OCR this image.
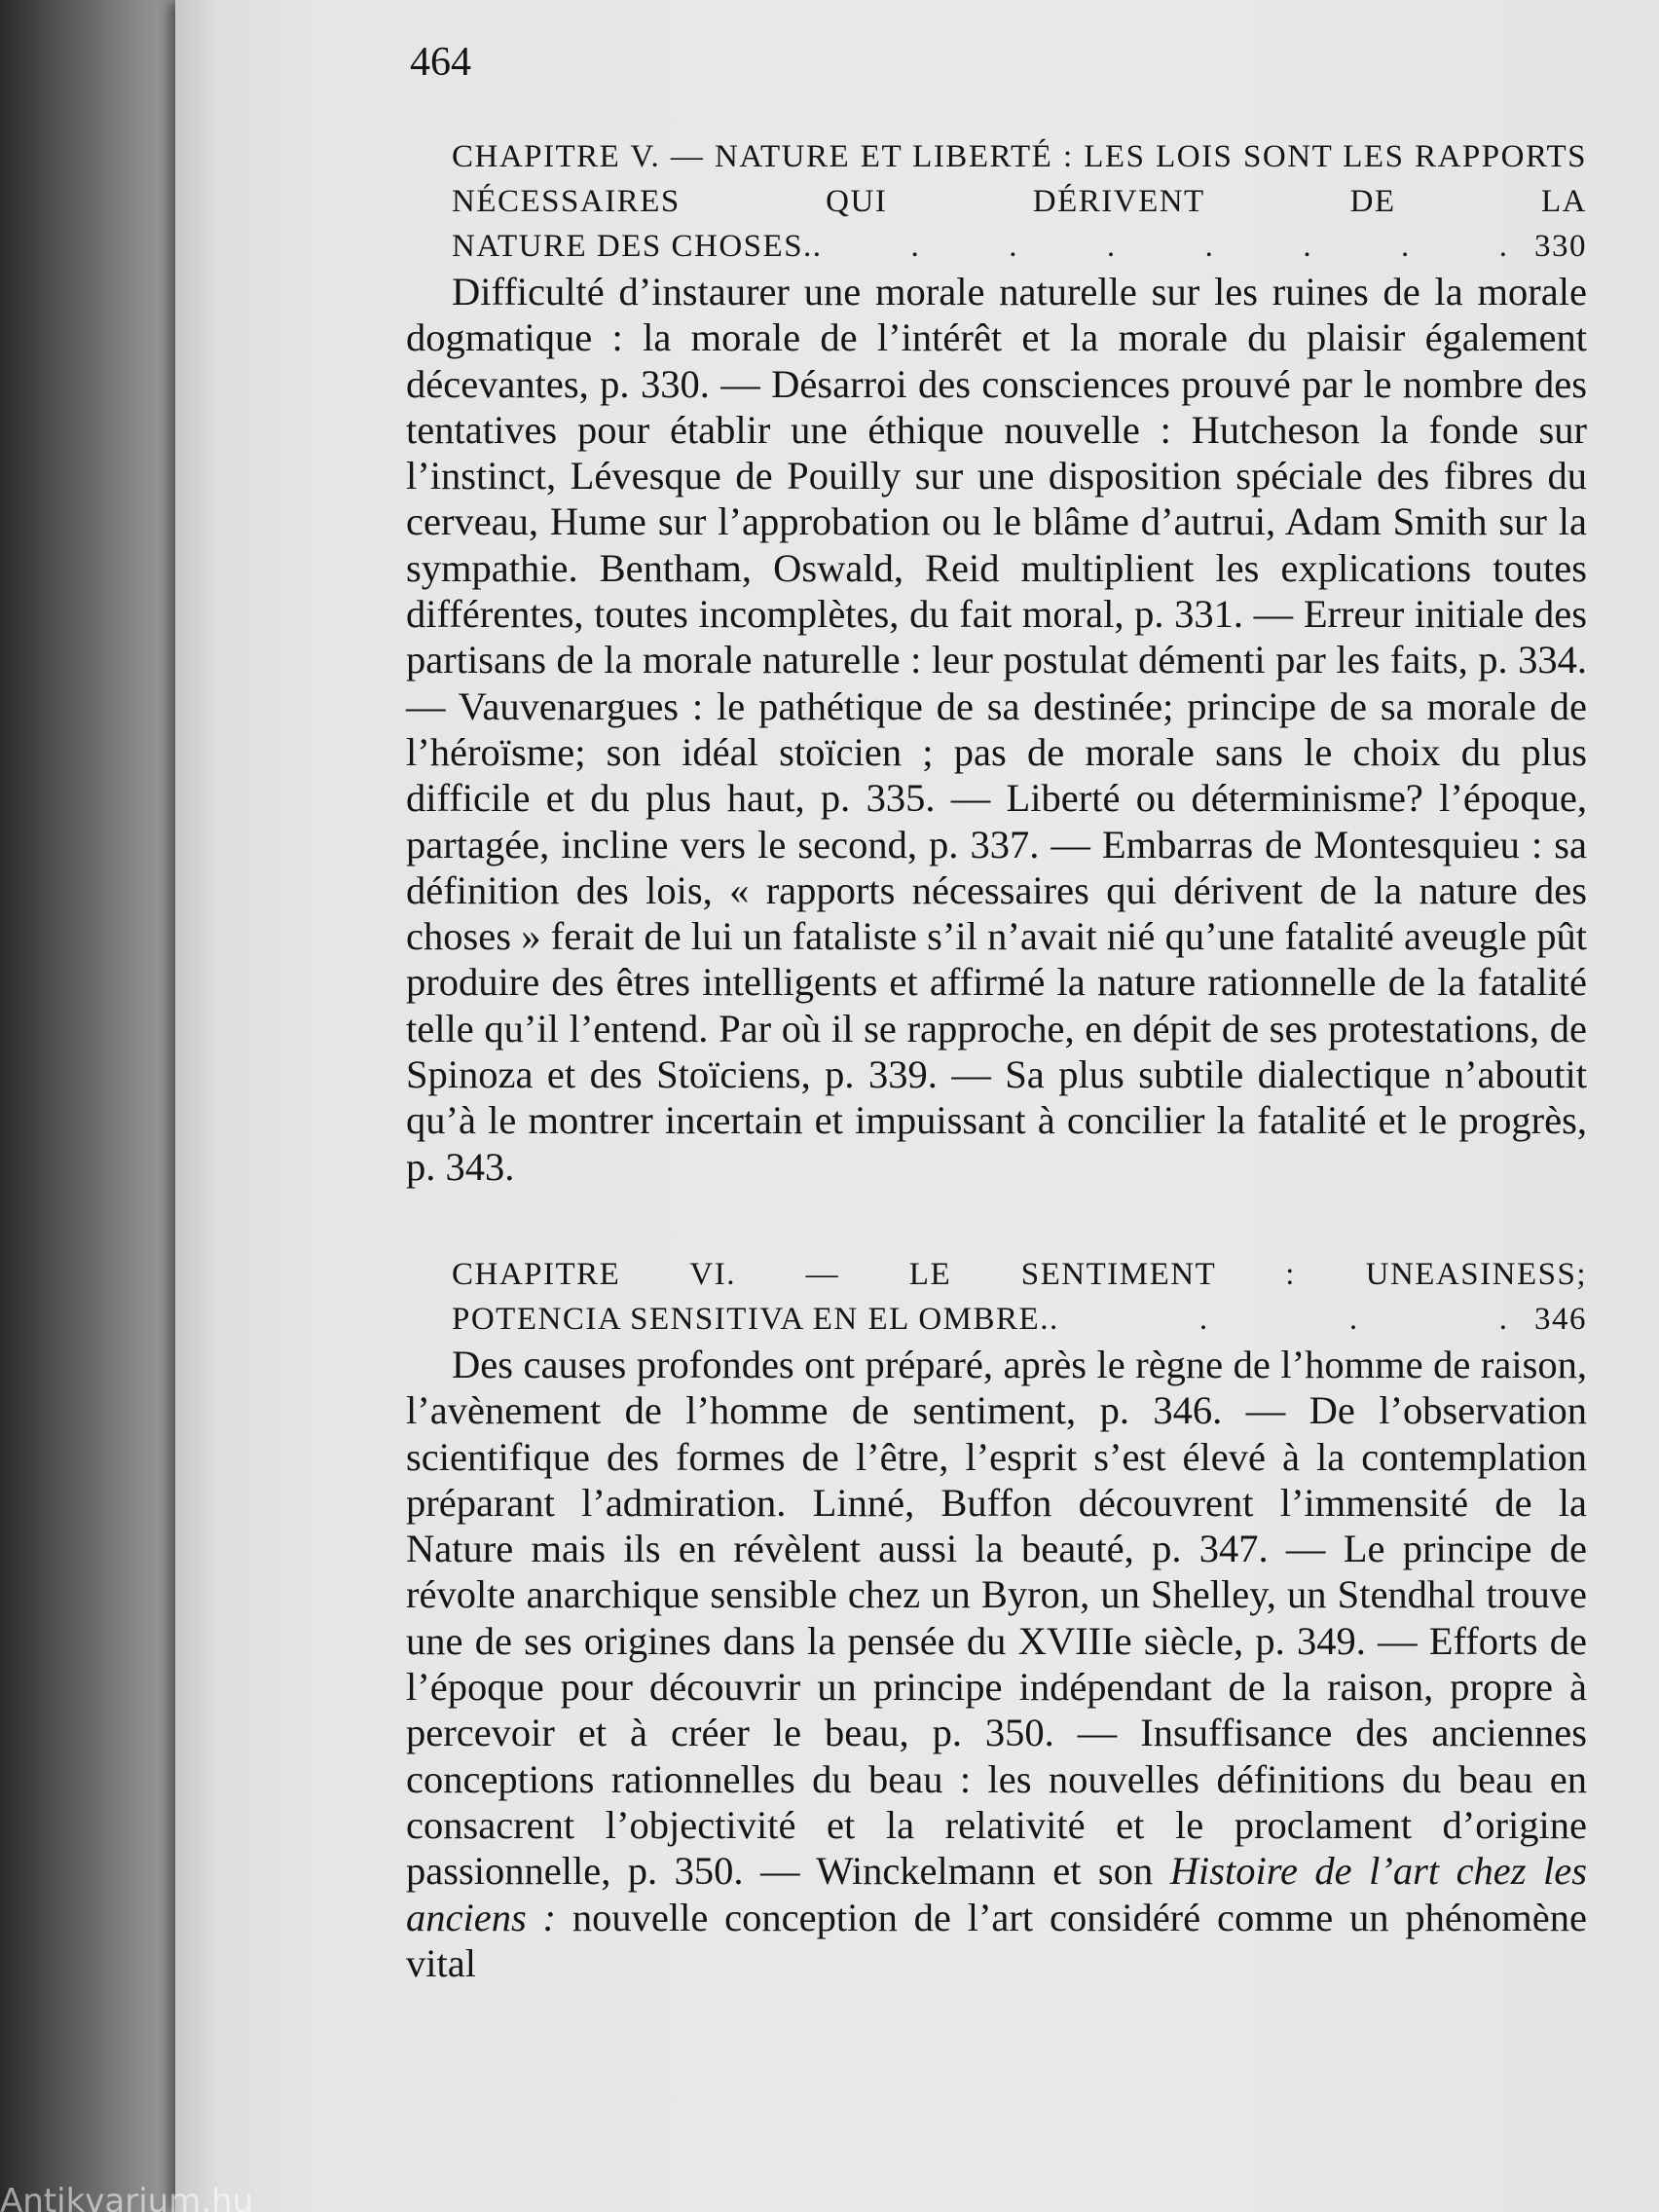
464

CHAPITRE V. — NATURE ET LIBERTÉ : LES LOIS SONT LES RAPPORTS NÉCESSAIRES QUI DÉRIVENT DE LA

NATURE DES CHOSES. . . . . . . . . 330

Difficulté d’instaurer une morale naturelle sur les ruines de la morale dogmatique : la morale de l’intérêt et la morale du plaisir également décevantes, p. 330. — Désarroi des consciences prouvé par le nombre des tentatives pour établir une éthique nouvelle : Hutcheson la fonde sur l’instinct, Lévesque de Pouilly sur une disposition spéciale des fibres du cerveau, Hume sur l’approbation ou le blâme d’autrui, Adam Smith sur la sympathie. Bentham, Oswald, Reid multiplient les explications toutes différentes, toutes incomplètes, du fait moral, p. 331. — Erreur initiale des partisans de la morale naturelle : leur postulat démenti par les faits, p. 334. — Vauvenargues : le pathétique de sa destinée; principe de sa morale de l’héroïsme; son idéal stoïcien ; pas de morale sans le choix du plus difficile et du plus haut, p. 335. — Liberté ou déterminisme? l’époque, partagée, incline vers le second, p. 337. — Embarras de Montesquieu : sa définition des lois, « rapports nécessaires qui dérivent de la nature des choses » ferait de lui un fataliste s’il n’avait nié qu’une fatalité aveugle pût produire des êtres intelligents et affirmé la nature rationnelle de la fatalité telle qu’il l’entend. Par où il se rapproche, en dépit de ses protestations, de Spinoza et des Stoïciens, p. 339. — Sa plus subtile dialectique n’aboutit qu’à le montrer incertain et impuissant à concilier la fatalité et le progrès, p. 343.

CHAPITRE VI. — LE SENTIMENT : UNEASINESS;

POTENCIA SENSITIVA EN EL OMBRE. . . . . 346

Des causes profondes ont préparé, après le règne de l’homme de raison, l’avènement de l’homme de sentiment, p. 346. — De l’observation scientifique des formes de l’être, l’esprit s’est élevé à la contemplation préparant l’admiration. Linné, Buffon découvrent l’immensité de la Nature mais ils en révèlent aussi la beauté, p. 347. — Le principe de révolte anarchique sensible chez un Byron, un Shelley, un Stendhal trouve une de ses origines dans la pensée du XVIIIe siècle, p. 349. — Efforts de l’époque pour découvrir un principe indépendant de la raison, propre à percevoir et à créer le beau, p. 350. — Insuffisance des anciennes conceptions rationnelles du beau : les nouvelles définitions du beau en consacrent l’objectivité et la relativité et le proclament d’origine passionnelle, p. 350. — Winckelmann et son Histoire de l’art chez les anciens : nouvelle conception de l’art considéré comme un phénomène vital

Antikvarium.hu
